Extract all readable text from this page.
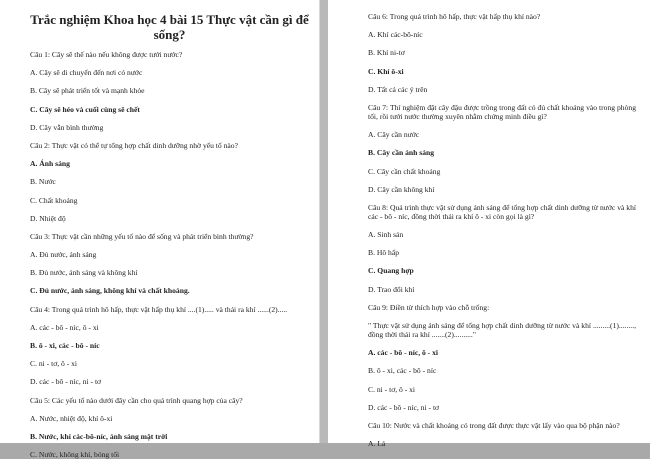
Trắc nghiệm Khoa học 4 bài 15 Thực vật cần gì để sống?
Câu 1: Cây sẽ thế nào nếu không được tưới nước?
A. Cây sẽ di chuyển đến nơi có nước
B. Cây sẽ phát triển tốt và mạnh khỏe
C. Cây sẽ héo và cuối cùng sẽ chết
D. Cây vẫn bình thường
Câu 2: Thực vật có thể tự tổng hợp chất dinh dưỡng nhờ yếu tố nào?
A. Ánh sáng
B. Nước
C. Chất khoáng
D. Nhiệt độ
Câu 3: Thực vật cần những yếu tố nào để sống và phát triển bình thường?
A. Đủ nước, ánh sáng
B. Đủ nước, ánh sáng và không khí
C. Đủ nước, ánh sáng, không khí và chất khoáng.
Câu 4: Trong quá trình hô hấp, thực vật hấp thụ khí ....(1)..... và thải ra khí ......(2).....
A. các - bô - níc, ô - xi
B. ô - xi, các - bô - níc
C. ni - tơ, ô - xi
D. các - bô - níc, ni - tơ
Câu 5: Các yếu tố nào dưới đây cần cho quá trình quang hợp của cây?
A. Nước, nhiệt độ, khí ô-xi
B. Nước, khí các-bô-níc, ánh sáng mặt trời
C. Nước, không khí, bóng tối
Câu 6: Trong quá trình hô hấp, thực vật hấp thụ khí nào?
A. Khí các-bô-níc
B. Khí ni-tơ
C. Khí ô-xi
D. Tất cả các ý trên
Câu 7: Thí nghiệm đặt cây đậu được trồng trong đất có đủ chất khoáng vào trong phòng tối, rồi tưới nước thường xuyên nhằm chứng minh điều gì?
A. Cây cần nước
B. Cây cần ánh sáng
C. Cây cần chất khoáng
D. Cây cần không khí
Câu 8: Quá trình thực vật sử dụng ánh sáng để tổng hợp chất dinh dưỡng từ nước và khí các - bô - níc, đồng thời thải ra khí ô - xi còn gọi là gì?
A. Sinh sản
B. Hô hấp
C. Quang hợp
D. Trao đổi khí
Câu 9: Điền từ thích hợp vào chỗ trống:
" Thực vật sử dụng ánh sáng để tổng hợp chất dinh dưỡng từ nước và khí .........(1)........, đồng thời thải ra khí .......(2).........."
A. các - bô - níc, ô - xi
B. ô - xi, các - bô - níc
C. ni - tơ, ô - xi
D. các - bô - níc, ni - tơ
Câu 10: Nước và chất khoáng có trong đất được thực vật lấy vào qua bộ phận nào?
A. Lá
